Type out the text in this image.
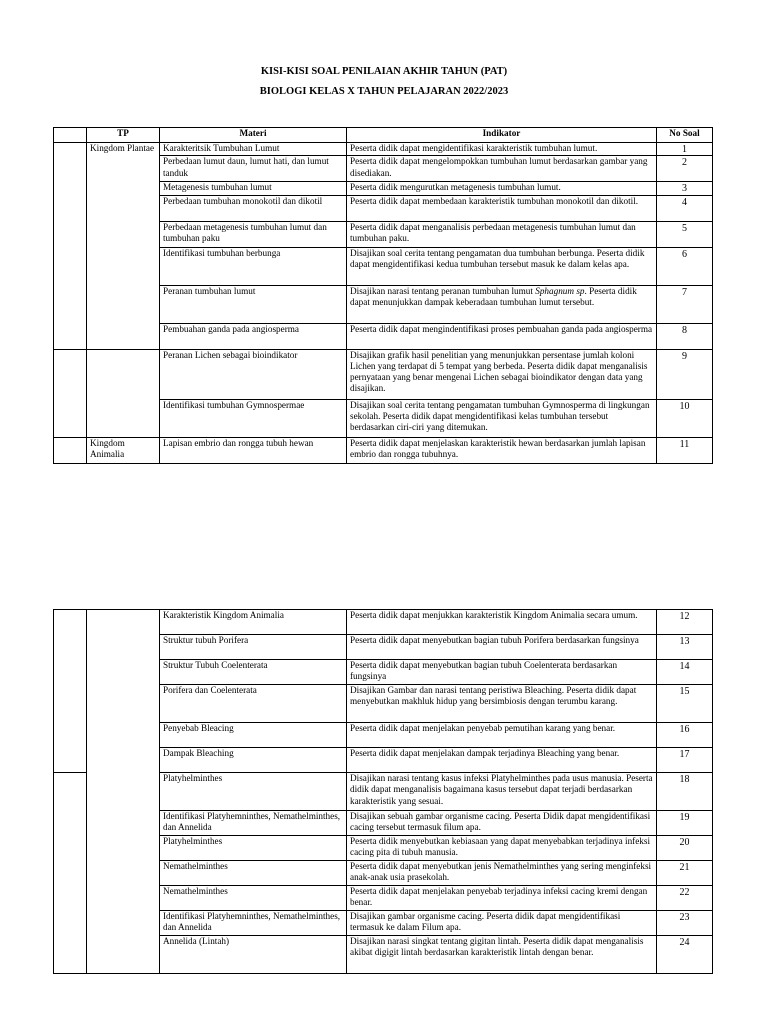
KISI-KISI SOAL PENILAIAN AKHIR TAHUN (PAT)
BIOLOGI KELAS X TAHUN PELAJARAN 2022/2023
	TP	Materi	Indikator	No Soal
	Kingdom Plantae	Karakteritsik Tumbuhan Lumut	Peserta didik dapat mengidentifikasi karakteristik tumbuhan lumut.	1
		Perbedaan lumut daun, lumut hati, dan lumut tanduk	Peserta didik dapat mengelompokkan tumbuhan lumut berdasarkan gambar yang disediakan.	2
		Metagenesis tumbuhan lumut	Peserta didik mengurutkan metagenesis tumbuhan lumut.	3
		Perbedaan tumbuhan monokotil dan dikotil	Peserta didik dapat membedaan karakteristik tumbuhan monokotil dan dikotil.	4
		Perbedaan metagenesis tumbuhan lumut dan tumbuhan paku	Peserta didik dapat menganalisis perbedaan metagenesis tumbuhan lumut dan tumbuhan paku.	5
		Identifikasi tumbuhan berbunga	Disajikan soal cerita tentang pengamatan dua tumbuhan berbunga. Peserta didik dapat mengidentifikasi kedua tumbuhan tersebut masuk ke dalam kelas apa.	6
		Peranan tumbuhan lumut	Disajikan narasi tentang peranan tumbuhan lumut Sphagnum sp. Peserta didik dapat menunjukkan dampak keberadaan tumbuhan lumut tersebut.	7
		Pembuahan ganda pada angiosperma	Peserta didik dapat mengindentifikasi proses pembuahan ganda pada angiosperma	8
		Peranan Lichen sebagai bioindikator	Disajikan grafik hasil penelitian yang menunjukkan persentase jumlah koloni Lichen yang terdapat di 5 tempat yang berbeda. Peserta didik dapat menganalisis pernyataan yang benar mengenai Lichen sebagai bioindikator dengan data yang disajikan.	9
		Identifikasi tumbuhan Gymnospermae	Disajikan soal cerita tentang pengamatan tumbuhan Gymnosperma di lingkungan sekolah. Peserta didik dapat mengidentifikasi kelas tumbuhan tersebut berdasarkan ciri-ciri yang ditemukan.	10
	Kingdom Animalia	Lapisan embrio dan rongga tubuh hewan	Peserta didik dapat menjelaskan karakteristik hewan berdasarkan jumlah lapisan embrio dan rongga tubuhnya.	11
		Karakteristik Kingdom Animalia	Peserta didik dapat menjukkan karakteristik Kingdom Animalia secara umum.	12
		Struktur tubuh Porifera	Peserta didik dapat menyebutkan bagian tubuh Porifera berdasarkan fungsinya	13
		Struktur Tubuh Coelenterata	Peserta didik dapat menyebutkan bagian tubuh Coelenterata berdasarkan fungsinya	14
		Porifera dan Coelenterata	Disajikan Gambar dan narasi tentang peristiwa Bleaching. Peserta didik dapat menyebutkan makhluk hidup yang bersimbiosis dengan terumbu karang.	15
		Penyebab Bleacing	Peserta didik dapat menjelakan penyebab pemutihan karang yang benar.	16
		Dampak Bleaching	Peserta didik dapat menjelakan dampak terjadinya Bleaching yang benar.	17
		Platyhelminthes	Disajikan narasi tentang kasus infeksi Platyhelminthes pada usus manusia. Peserta didik dapat menganalisis bagaimana kasus tersebut dapat terjadi berdasarkan karakteristik yang sesuai.	18
		Identifikasi Platyhemninthes, Nemathelminthes, dan Annelida	Disajikan sebuah gambar organisme cacing. Peserta Didik dapat mengidentifikasi cacing tersebut termasuk filum apa.	19
		Platyhelminthes	Peserta didik menyebutkan kebiasaan yang dapat menyebabkan terjadinya infeksi cacing pita di tubuh manusia.	20
		Nemathelminthes	Peserta didik dapat menyebutkan jenis Nemathelminthes yang sering menginfeksi anak-anak usia prasekolah.	21
		Nemathelminthes	Peserta didik dapat menjelakan penyebab terjadinya infeksi cacing kremi dengan benar.	22
		Identifikasi Platyhemninthes, Nemathelminthes, dan Annelida	Disajikan gambar organisme cacing. Peserta didik dapat mengidentifikasi termasuk ke dalam Filum apa.	23
		Annelida (Lintah)	Disajikan narasi singkat tentang gigitan lintah. Peserta didik dapat menganalisis akibat digigit lintah berdasarkan karakteristik lintah dengan benar.	24
